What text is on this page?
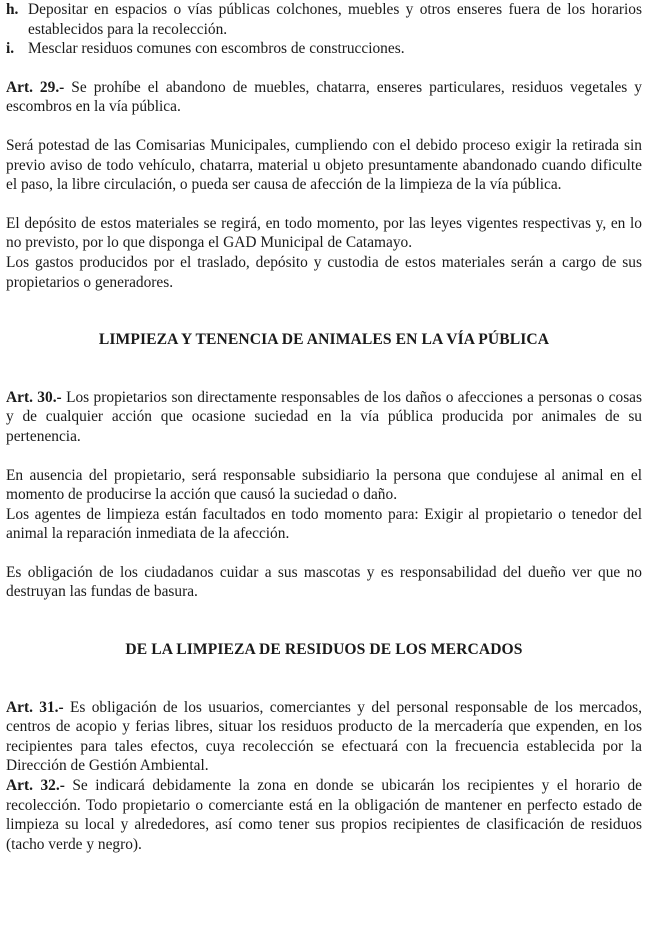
h. Depositar en espacios o vías públicas colchones, muebles y otros enseres fuera de los horarios establecidos para la recolección.
i. Mesclar residuos comunes con escombros de construcciones.

Art. 29.- Se prohíbe el abandono de muebles, chatarra, enseres particulares, residuos vegetales y escombros en la vía pública.

Será potestad de las Comisarias Municipales, cumpliendo con el debido proceso exigir la retirada sin previo aviso de todo vehículo, chatarra, material u objeto presuntamente abandonado cuando dificulte el paso, la libre circulación, o pueda ser causa de afección de la limpieza de la vía pública.

El depósito de estos materiales se regirá, en todo momento, por las leyes vigentes respectivas y, en lo no previsto, por lo que disponga el GAD Municipal de Catamayo.

Los gastos producidos por el traslado, depósito y custodia de estos materiales serán a cargo de sus propietarios o generadores.

LIMPIEZA Y TENENCIA DE ANIMALES EN LA VÍA PÚBLICA

Art. 30.- Los propietarios son directamente responsables de los daños o afecciones a personas o cosas y de cualquier acción que ocasione suciedad en la vía pública producida por animales de su pertenencia.

En ausencia del propietario, será responsable subsidiario la persona que condujese al animal en el momento de producirse la acción que causó la suciedad o daño.

Los agentes de limpieza están facultados en todo momento para: Exigir al propietario o tenedor del animal la reparación inmediata de la afección.

Es obligación de los ciudadanos cuidar a sus mascotas y es responsabilidad del dueño ver que no destruyan las fundas de basura.

DE LA LIMPIEZA DE RESIDUOS DE LOS MERCADOS

Art. 31.- Es obligación de los usuarios, comerciantes y del personal responsable de los mercados, centros de acopio y ferias libres, situar los residuos producto de la mercadería que expenden, en los recipientes para tales efectos, cuya recolección se efectuará con la frecuencia establecida por la Dirección de Gestión Ambiental.

Art. 32.- Se indicará debidamente la zona en donde se ubicarán los recipientes y el horario de recolección. Todo propietario o comerciante está en la obligación de mantener en perfecto estado de limpieza su local y alrededores, así como tener sus propios recipientes de clasificación de residuos (tacho verde y negro).
